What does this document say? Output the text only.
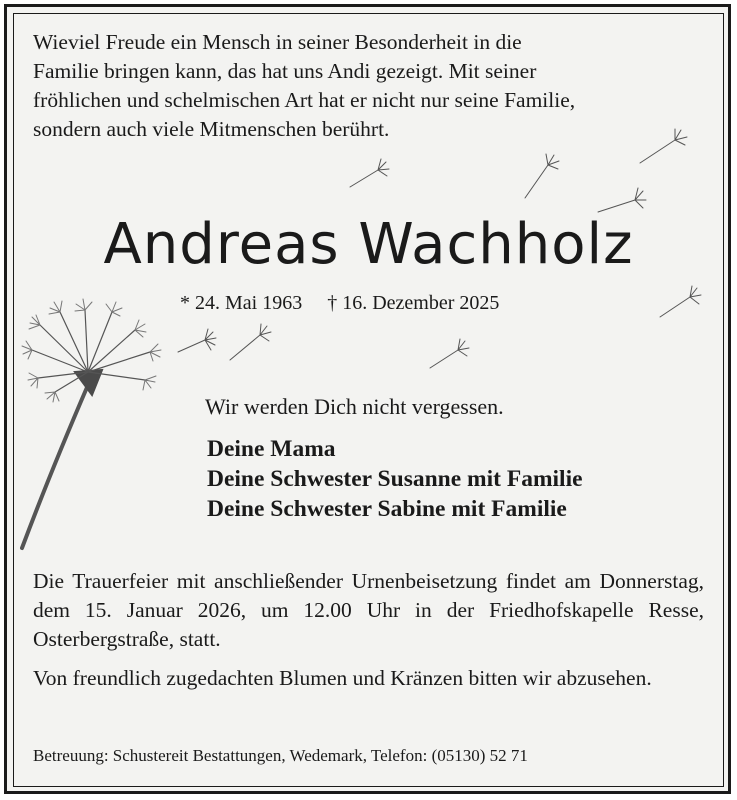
Wieviel Freude ein Mensch in seiner Besonderheit in die

Familie bringen kann, das hat uns Andi gezeigt. Mit seiner

fröhlichen und schelmischen Art hat er nicht nur seine Familie,

sondern auch viele Mitmenschen berührt.

Andreas Wachholz
* 24. Mai 1963 † 16. Dezember 2025
Wir werden Dich nicht vergessen.
Deine Mama
Deine Schwester Susanne mit Familie
Deine Schwester Sabine mit Familie

Die Trauerfeier mit anschließender Urnenbeisetzung findet am Donnerstag, dem 15. Januar 2026, um 12.00 Uhr in der Friedhofskapelle Resse, Osterbergstraße, statt.

Von freundlich zugedachten Blumen und Kränzen bitten wir abzusehen.

Betreuung: Schustereit Bestattungen, Wedemark, Telefon: (05130) 52 71
